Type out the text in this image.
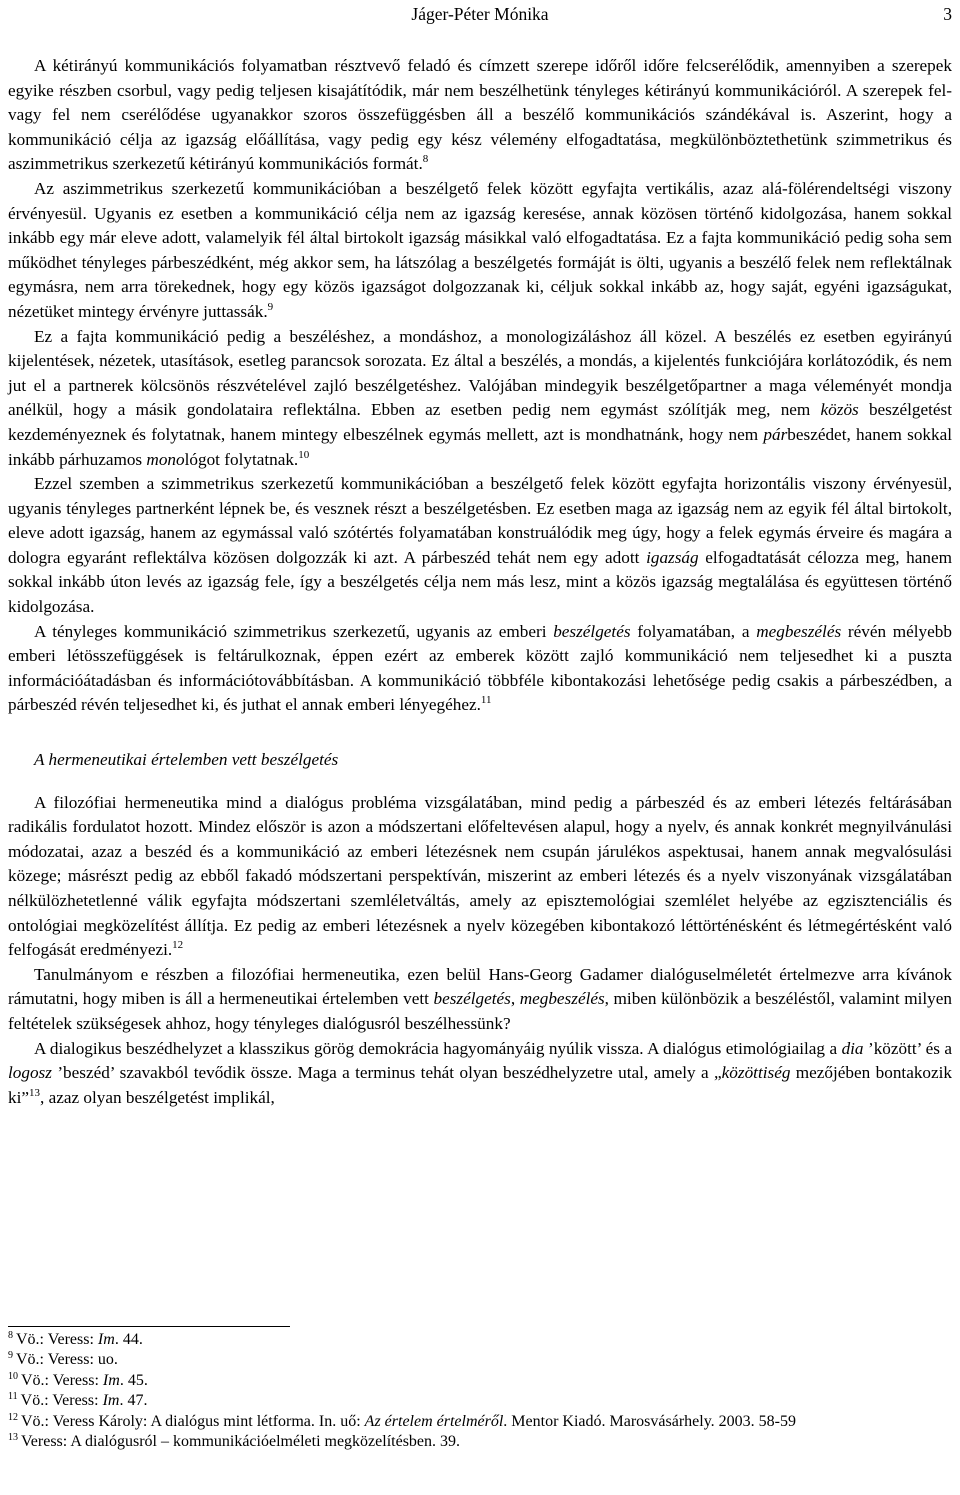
Jáger-Péter Mónika	3

A kétirányú kommunikációs folyamatban résztvevő feladó és címzett szerepe időről időre felcserélődik, amennyiben a szerepek egyike részben csorbul, vagy pedig teljesen kisajátítódik, már nem beszélhetünk tényleges kétirányú kommunikációról. A szerepek fel- vagy fel nem cserélődése ugyanakkor szoros összefüggésben áll a beszélő kommunikációs szándékával is. Aszerint, hogy a kommunikáció célja az igazság előállítása, vagy pedig egy kész vélemény elfogadtatása, megkülönböztethetünk szimmetrikus és aszimmetrikus szerkezetű kétirányú kommunikációs formát.$^8$

Az aszimmetrikus szerkezetű kommunikációban a beszélgető felek között egyfajta vertikális, azaz alá-fölérendeltségi viszony érvényesül. Ugyanis ez esetben a kommunikáció célja nem az igazság keresése, annak közösen történő kidolgozása, hanem sokkal inkább egy már eleve adott, valamelyik fél által birtokolt igazság másikkal való elfogadtatása. Ez a fajta kommunikáció pedig soha sem működhet tényleges párbeszédként, még akkor sem, ha látszólag a beszélgetés formáját is ölti, ugyanis a beszélő felek nem reflektálnak egymásra, nem arra törekednek, hogy egy közös igazságot dolgozzanak ki, céljuk sokkal inkább az, hogy saját, egyéni igazságukat, nézetüket mintegy érvényre juttassák.$^9$

Ez a fajta kommunikáció pedig a beszéléshez, a mondáshoz, a monologizáláshoz áll közel. A beszélés ez esetben egyirányú kijelentések, nézetek, utasítások, esetleg parancsok sorozata. Ez által a beszélés, a mondás, a kijelentés funkciójára korlátozódik, és nem jut el a partnerek kölcsönös részvételével zajló beszélgetéshez. Valójában mindegyik beszélgetőpartner a maga véleményét mondja anélkül, hogy a másik gondolataira reflektálna. Ebben az esetben pedig nem egymást szólítják meg, nem közös beszélgetést kezdeményeznek és folytatnak, hanem mintegy elbeszélnek egymás mellett, azt is mondhatnánk, hogy nem párbeszédet, hanem sokkal inkább párhuzamos monológot folytatnak.$^{10}$

Ezzel szemben a szimmetrikus szerkezetű kommunikációban a beszélgető felek között egyfajta horizontális viszony érvényesül, ugyanis tényleges partnerként lépnek be, és vesznek részt a beszélgetésben. Ez esetben maga az igazság nem az egyik fél által birtokolt, eleve adott igazság, hanem az egymással való szótértés folyamatában konstruálódik meg úgy, hogy a felek egymás érveire és magára a dologra egyaránt reflektálva közösen dolgozzák ki azt. A párbeszéd tehát nem egy adott igazság elfogadtatását célozza meg, hanem sokkal inkább úton levés az igazság fele, így a beszélgetés célja nem más lesz, mint a közös igazság megtalálása és együttesen történő kidolgozása.

A tényleges kommunikáció szimmetrikus szerkezetű, ugyanis az emberi beszélgetés folyamatában, a megbeszélés révén mélyebb emberi létösszefüggések is feltárulkoznak, éppen ezért az emberek között zajló kommunikáció nem teljesedhet ki a puszta információátadásban és információtovábbításban. A kommunikáció többféle kibontakozási lehetősége pedig csakis a párbeszédben, a párbeszéd révén teljesedhet ki, és juthat el annak emberi lényegéhez.$^{11}$

A hermeneutikai értelemben vett beszélgetés

A filozófiai hermeneutika mind a dialógus probléma vizsgálatában, mind pedig a párbeszéd és az emberi létezés feltárásában radikális fordulatot hozott. Mindez először is azon a módszertani előfeltevésen alapul, hogy a nyelv, és annak konkrét megnyilvánulási módozatai, azaz a beszéd és a kommunikáció az emberi létezésnek nem csupán járulékos aspektusai, hanem annak megvalósulási közege; másrészt pedig az ebből fakadó módszertani perspektíván, miszerint az emberi létezés és a nyelv viszonyának vizsgálatában nélkülözhetetlenné válik egyfajta módszertani szemléletváltás, amely az episztemológiai szemlélet helyébe az egzisztenciális és ontológiai megközelítést állítja. Ez pedig az emberi létezésnek a nyelv közegében kibontakozó léttörténésként és létmegértésként való felfogását eredményezi.$^{12}$

Tanulmányom e részben a filozófiai hermeneutika, ezen belül Hans-Georg Gadamer dialóguselméletét értelmezve arra kívánok rámutatni, hogy miben is áll a hermeneutikai értelemben vett beszélgetés, megbeszélés, miben különbözik a beszéléstől, valamint milyen feltételek szükségesek ahhoz, hogy tényleges dialógusról beszélhessünk?

A dialogikus beszédhelyzet a klasszikus görög demokrácia hagyományáig nyúlik vissza. A dialógus etimológiailag a dia ’között’ és a logosz ’beszéd’ szavakból tevődik össze. Maga a terminus tehát olyan beszédhelyzetre utal, amely a „közöttiség mezőjében bontakozik ki”$^{13}$, azaz olyan beszélgetést implikál,

$^8$ Vö.: Veress: Im. 44.

$^9$ Vö.: Veress: uo.

$^{10}$ Vö.: Veress: Im. 45.

$^{11}$ Vö.: Veress: Im. 47.

$^{12}$ Vö.: Veress Károly: A dialógus mint létforma. In. uő: Az értelem értelméről. Mentor Kiadó. Marosvásárhely. 2003. 58-59

$^{13}$ Veress: A dialógusról – kommunikációelméleti megközelítésben. 39.
